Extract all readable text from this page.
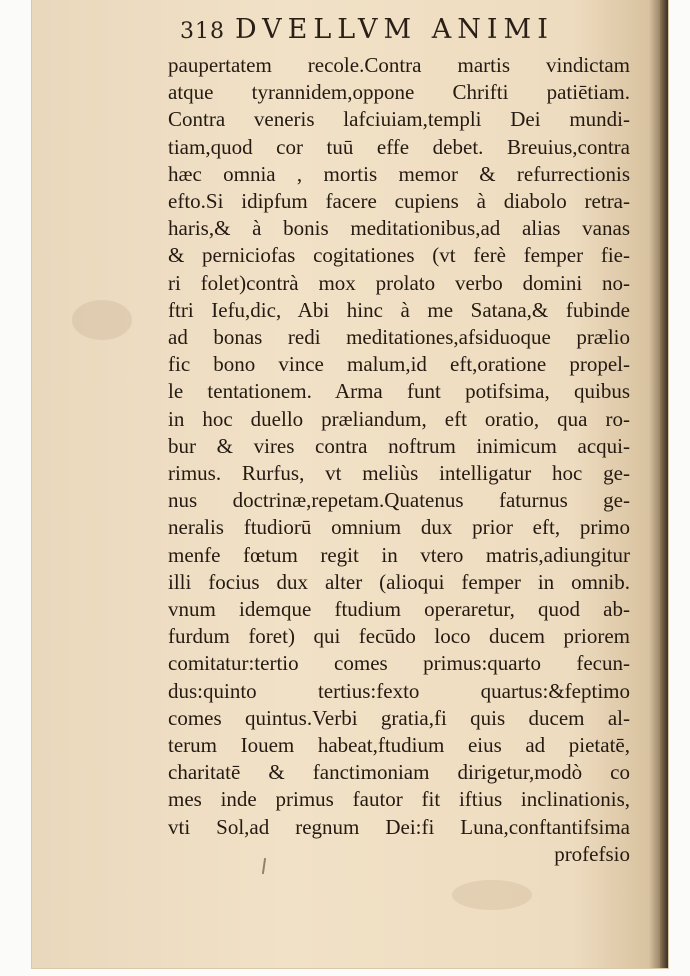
318 DVELLVM ANIMI
paupertatem recole.Contra martis vindictam
atque tyrannidem,oppone Chrifti patiētiam.
Contra veneris lafciuiam,templi Dei mundi-
tiam,quod cor tuū effe debet. Breuius,contra
hæc omnia , mortis memor & refurrectionis
efto.Si idipfum facere cupiens à diabolo retra-
haris,& à bonis meditationibus,ad alias vanas
& perniciofas cogitationes (vt ferè femper fie-
ri folet)contrà mox prolato verbo domini no-
ftri Iefu,dic, Abi hinc à me Satana,& fubinde
ad bonas redi meditationes,afsiduoque prælio
fic bono vince malum,id eft,oratione propel-
le tentationem. Arma funt potifsima, quibus
in hoc duello præliandum, eft oratio, qua ro-
bur & vires contra noftrum inimicum acqui-
rimus. Rurfus, vt meliùs intelligatur hoc ge-
nus doctrinæ,repetam.Quatenus faturnus ge-
neralis ftudiorū omnium dux prior eft, primo
menfe fœtum regit in vtero matris,adiungitur
illi focius dux alter (alioqui femper in omnib.
vnum idemque ftudium operaretur, quod ab-
furdum foret) qui fecūdo loco ducem priorem
comitatur:tertio comes primus:quarto fecun-
dus:quinto tertius:fexto quartus:&feptimo
comes quintus.Verbi gratia,fi quis ducem al-
terum Iouem habeat,ftudium eius ad pietatē,
charitatē & fanctimoniam dirigetur,modò co
mes inde primus fautor fit iftius inclinationis,
vti Sol,ad regnum Dei:fi Luna,conftantifsima
profefsio
